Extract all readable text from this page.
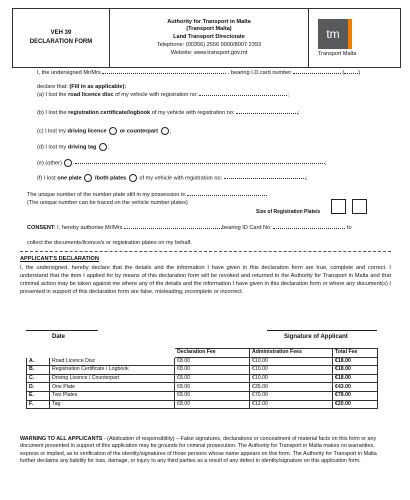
VEH 39
DECLARATION FORM
Authority for Transport in Malta
(Transport Malta)
Land Transport Directorate
Telephone: (00356) 2556 0000/8007 2393
Website: www.transport.gov.mt
tm
Transport Malta
I, the undersigned Mr/Mrs	, bearing I.D.card number	(	)
declare that: (Fill in as applicable):
(a) I lost the road licence disc of my vehicle with registration no:	;
(b) I lost the registration certificate/logbook of my vehicle with registration no:	;
(c) I lost my driving licence or counterpart ;
(d) I lost my driving tag ;
(e) (other)	;
(f) I lost one plate /both plates of my vehicle with registration no:	;
The unique number of the number plate still in my possession is
(The unique number can be traced on the vehicle number plates)
Size of Registration Plate/s
CONSENT: I, hereby authorise Mr/Mrs	bearing ID Card No:	to
collect the documents/licence/s or registration plates on my behalf.
APPLICANT'S DECLARATION
I, the undersigned, hereby declare that the details and the information I have given in this declaration form are true, complete and correct. I understand that the item I applied for by means of this declaration form will be revoked and returned to the Authority for Transport in Malta and that criminal action may be taken against me where any of the details and the information I have given in this declaration form or where any document(s) I presented in support of this declaration form are false, misleading, incomplete or incorrect.
Date	Signature of Applicant
		Declaration Fee	Administration Fees	Total Fee
A.	Road Licence Disc	€8.00	€10.00	€18.00
B.	Registration Certificate / Logbook	€8.00	€10.00	€18.00
C.	Driving Licence / Counterpart	€8.00	€10.00	€18.00
D.	One Plate	€8.00	€35.00	€43.00
E.	Two Plates	€8.00	€70.00	€78.00
F.	Tag	€8.00	€12.00	€20.00
WARNING TO ALL APPLICANTS - (Abdication of responsibility) – False signatures, declarations or concealment of material facts on this form or any document presented in support of this application may be grounds for criminal prosecution. The Authority for Transport in Malta makes no warranties, express or implied, as to verification of the identity/signatures of those persons whose name appears on this form. The Authority for Transport in Malta further declaims any liability for loss, damage, or injury to any third parties as a result of any defect in identity/signature on this application form.
